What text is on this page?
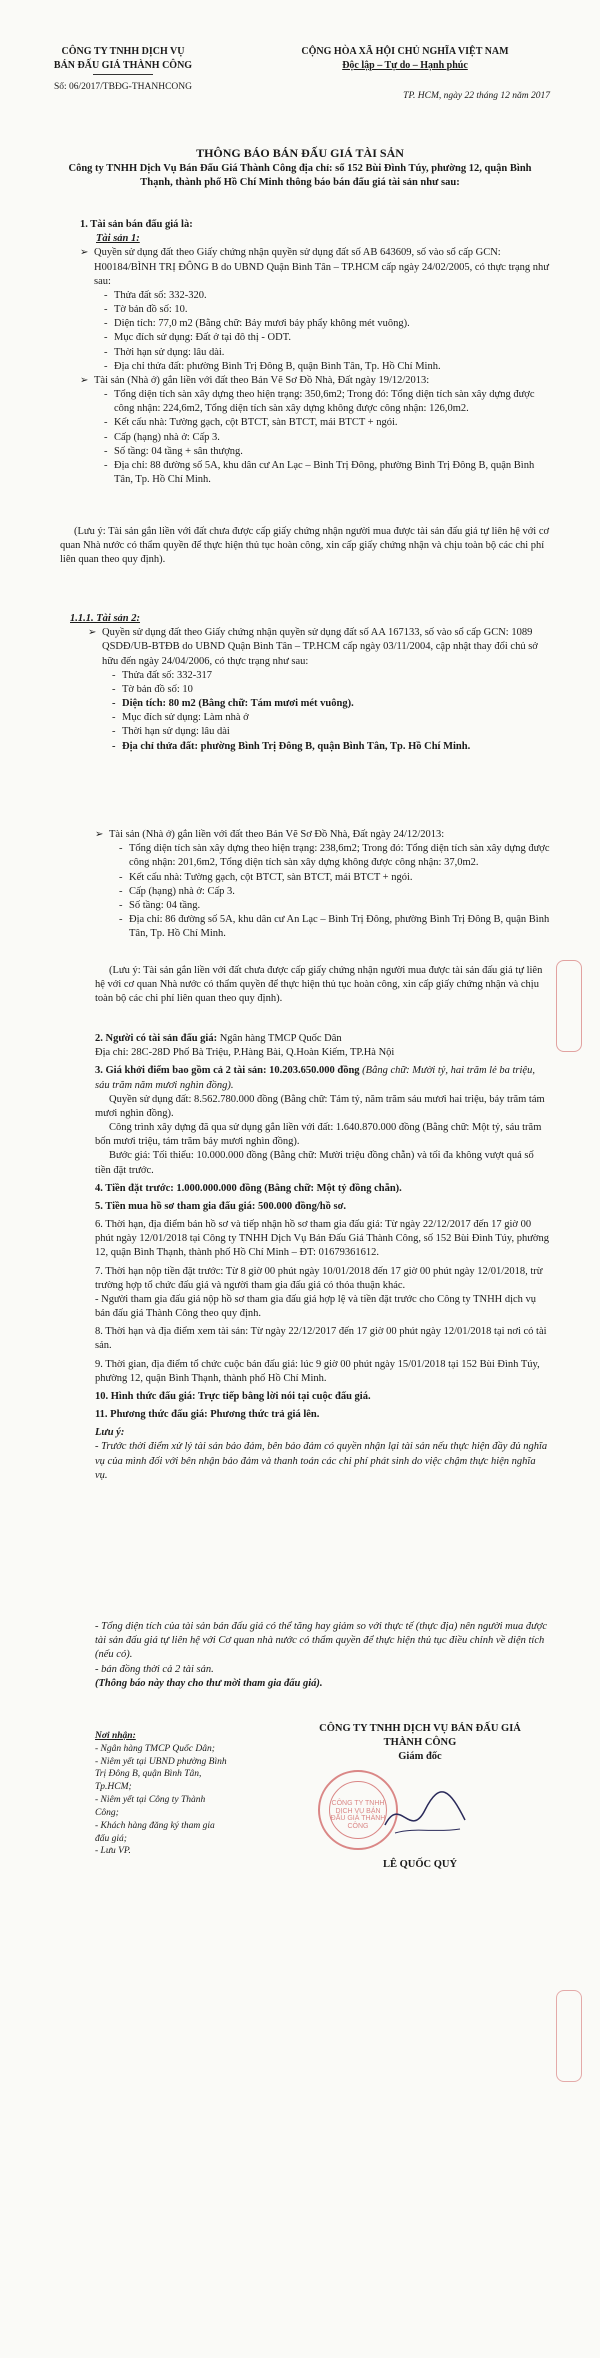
CÔNG TY TNHH DỊCH VỤ
BÁN ĐẤU GIÁ THÀNH CÔNG
Số: 06/2017/TBĐG-THANHCONG
CỘNG HÒA XÃ HỘI CHỦ NGHĨA VIỆT NAM
Độc lập – Tự do – Hạnh phúc
TP. HCM, ngày 22 tháng 12 năm 2017
THÔNG BÁO BÁN ĐẤU GIÁ TÀI SẢN
Công ty TNHH Dịch Vụ Bán Đấu Giá Thành Công địa chỉ: số 152 Bùi Đình Túy, phường 12, quận Bình Thạnh, thành phố Hồ Chí Minh thông báo bán đấu giá tài sản như sau:
1. Tài sản bán đấu giá là:
Tài sản 1:
➢ Quyền sử dụng đất theo Giấy chứng nhận quyền sử dụng đất số AB 643609, số vào sổ cấp GCN: H00184/BÌNH TRỊ ĐÔNG B do UBND Quận Bình Tân – TP.HCM cấp ngày 24/02/2005, có thực trạng như sau:
- Thửa đất số: 332-320.
- Tờ bản đồ số: 10.
- Diện tích: 77,0 m2 (Bằng chữ: Bảy mươi bảy phẩy không mét vuông).
- Mục đích sử dụng: Đất ở tại đô thị - ODT.
- Thời hạn sử dụng: lâu dài.
- Địa chỉ thửa đất: phường Bình Trị Đông B, quận Bình Tân, Tp. Hồ Chí Minh.
➢ Tài sản (Nhà ở) gắn liền với đất theo Bản Vẽ Sơ Đồ Nhà, Đất ngày 19/12/2013:
- Tổng diện tích sàn xây dựng theo hiện trạng: 350,6m2; Trong đó: Tổng diện tích sàn xây dựng được công nhận: 224,6m2, Tổng diện tích sàn xây dựng không được công nhận: 126,0m2.
- Kết cấu nhà: Tường gạch, cột BTCT, sàn BTCT, mái BTCT + ngói.
- Cấp (hạng) nhà ở: Cấp 3.
- Số tầng: 04 tầng + sân thượng.
- Địa chỉ: 88 đường số 5A, khu dân cư An Lạc – Bình Trị Đông, phường Bình Trị Đông B, quận Bình Tân, Tp. Hồ Chí Minh.

(Lưu ý: Tài sản gắn liền với đất chưa được cấp giấy chứng nhận người mua được tài sản đấu giá tự liên hệ với cơ quan Nhà nước có thẩm quyền để thực hiện thủ tục hoàn công, xin cấp giấy chứng nhận và chịu toàn bộ các chi phí liên quan theo quy định).

1.1.1. Tài sản 2:
➢ Quyền sử dụng đất theo Giấy chứng nhận quyền sử dụng đất số AA 167133, số vào sổ cấp GCN: 1089 QSDĐ/UB-BTĐB do UBND Quận Bình Tân – TP.HCM cấp ngày 03/11/2004, cập nhật thay đổi chủ sở hữu đến ngày 24/04/2006, có thực trạng như sau:
- Thửa đất số: 332-317
- Tờ bản đồ số: 10
- Diện tích: 80 m2 (Bằng chữ: Tám mươi mét vuông).
- Mục đích sử dụng: Làm nhà ở
- Thời hạn sử dụng: lâu dài
- Địa chỉ thửa đất: phường Bình Trị Đông B, quận Bình Tân, Tp. Hồ Chí Minh.
➢ Tài sản (Nhà ở) gắn liền với đất theo Bản Vẽ Sơ Đồ Nhà, Đất ngày 24/12/2013:
- Tổng diện tích sàn xây dựng theo hiện trạng: 238,6m2; Trong đó: Tổng diện tích sàn xây dựng được công nhận: 201,6m2, Tổng diện tích sàn xây dựng không được công nhận: 37,0m2.
- Kết cấu nhà: Tường gạch, cột BTCT, sàn BTCT, mái BTCT + ngói.
- Cấp (hạng) nhà ở: Cấp 3.
- Số tầng: 04 tầng.
- Địa chỉ: 86 đường số 5A, khu dân cư An Lạc – Bình Trị Đông, phường Bình Trị Đông B, quận Bình Tân, Tp. Hồ Chí Minh.

(Lưu ý: Tài sản gắn liền với đất chưa được cấp giấy chứng nhận người mua được tài sản đấu giá tự liên hệ với cơ quan Nhà nước có thẩm quyền để thực hiện thủ tục hoàn công, xin cấp giấy chứng nhận và chịu toàn bộ các chi phí liên quan theo quy định).

2. Người có tài sản đấu giá: Ngân hàng TMCP Quốc Dân
Địa chỉ: 28C-28D Phố Bà Triệu, P.Hàng Bài, Q.Hoàn Kiếm, TP.Hà Nội
3. Giá khởi điểm bao gồm cả 2 tài sản: 10.203.650.000 đồng (Bằng chữ: Mười tỷ, hai trăm lẻ ba triệu, sáu trăm năm mươi nghìn đồng).

Quyền sử dụng đất: 8.562.780.000 đồng (Bằng chữ: Tám tỷ, năm trăm sáu mươi hai triệu, bảy trăm tám mươi nghìn đồng).

Công trình xây dựng đã qua sử dụng gắn liền với đất: 1.640.870.000 đồng (Bằng chữ: Một tỷ, sáu trăm bốn mươi triệu, tám trăm bảy mươi nghìn đồng).

Bước giá: Tối thiểu: 10.000.000 đồng (Bằng chữ: Mười triệu đồng chẵn) và tối đa không vượt quá số tiền đặt trước.

4. Tiền đặt trước: 1.000.000.000 đồng (Bằng chữ: Một tỷ đồng chẵn).
5. Tiền mua hồ sơ tham gia đấu giá: 500.000 đồng/hồ sơ.
6. Thời hạn, địa điểm bán hồ sơ và tiếp nhận hồ sơ tham gia đấu giá: Từ ngày 22/12/2017 đến 17 giờ 00 phút ngày 12/01/2018 tại Công ty TNHH Dịch Vụ Bán Đấu Giá Thành Công, số 152 Bùi Đình Túy, phường 12, quận Bình Thạnh, thành phố Hồ Chí Minh – ĐT: 01679361612.
7. Thời hạn nộp tiền đặt trước: Từ 8 giờ 00 phút ngày 10/01/2018 đến 17 giờ 00 phút ngày 12/01/2018, trừ trường hợp tổ chức đấu giá và người tham gia đấu giá có thỏa thuận khác.
- Người tham gia đấu giá nộp hồ sơ tham gia đấu giá hợp lệ và tiền đặt trước cho Công ty TNHH dịch vụ bán đấu giá Thành Công theo quy định.
8. Thời hạn và địa điểm xem tài sản: Từ ngày 22/12/2017 đến 17 giờ 00 phút ngày 12/01/2018 tại nơi có tài sản.
9. Thời gian, địa điểm tổ chức cuộc bán đấu giá: lúc 9 giờ 00 phút ngày 15/01/2018 tại 152 Bùi Đình Túy, phường 12, quận Bình Thạnh, thành phố Hồ Chí Minh.
10. Hình thức đấu giá: Trực tiếp bằng lời nói tại cuộc đấu giá.
11. Phương thức đấu giá: Phương thức trả giá lên.
Lưu ý:
- Trước thời điểm xử lý tài sản bảo đảm, bên bảo đảm có quyền nhận lại tài sản nếu thực hiện đầy đủ nghĩa vụ của mình đối với bên nhận bảo đảm và thanh toán các chi phí phát sinh do việc chậm thực hiện nghĩa vụ.
- Tổng diện tích của tài sản bán đấu giá có thể tăng hay giảm so với thực tế (thực địa) nên người mua được tài sản đấu giá tự liên hệ với Cơ quan nhà nước có thẩm quyền để thực hiện thủ tục điều chỉnh về diện tích (nếu có).
- bán đồng thời cả 2 tài sản.
(Thông báo này thay cho thư mời tham gia đấu giá).
Nơi nhận:
- Ngân hàng TMCP Quốc Dân;
- Niêm yết tại UBND phường Bình Trị Đông B, quận Bình Tân, Tp.HCM;
- Niêm yết tại Công ty Thành Công;
- Khách hàng đăng ký tham gia đấu giá;
- Lưu VP.
CÔNG TY TNHH DỊCH VỤ BÁN ĐẤU GIÁ THÀNH CÔNG
Giám đốc
CÔNG TY TNHH DỊCH VỤ BÁN ĐẤU GIÁ THÀNH CÔNG
LÊ QUỐC QUÝ
